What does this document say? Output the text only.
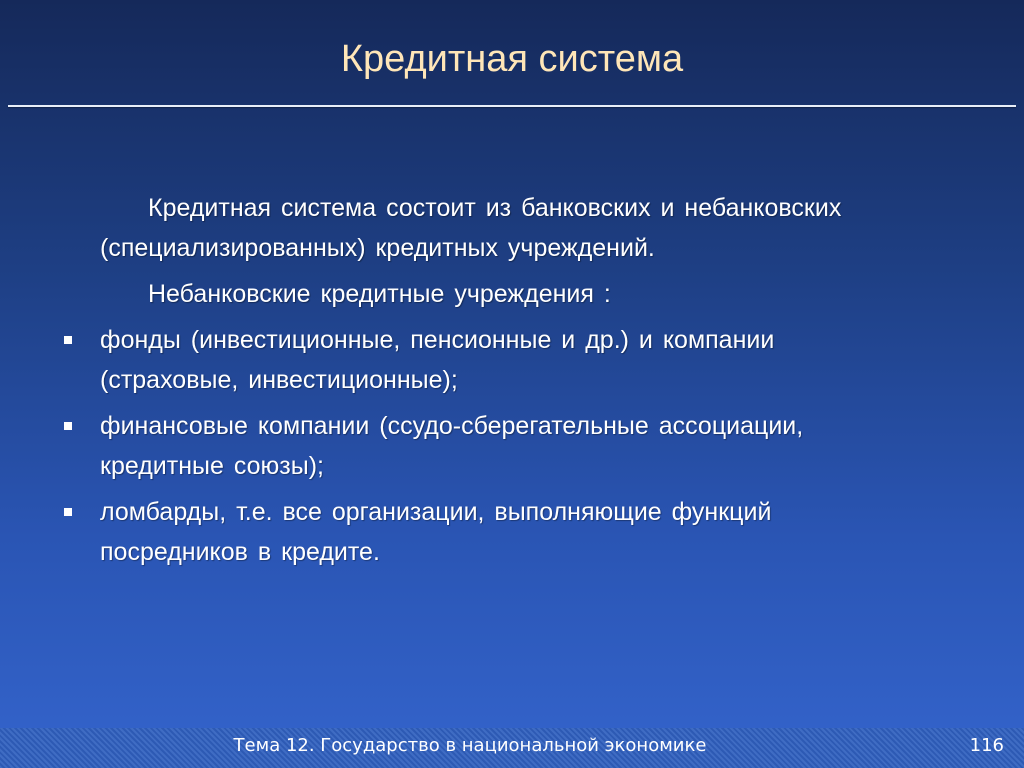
Кредитная система

Кредитная система состоит из банковских и небанковских (специализированных) кредитных учреждений.

Небанковские кредитные учреждения :

фонды (инвестиционные, пенсионные и др.) и компании (страховые, инвестиционные);
финансовые компании (ссудо-сберегательные ассоциации, кредитные союзы);
ломбарды, т.е. все организации, выполняющие функций посредников в кредите.
Тема 12. Государство в национальной экономике	116
